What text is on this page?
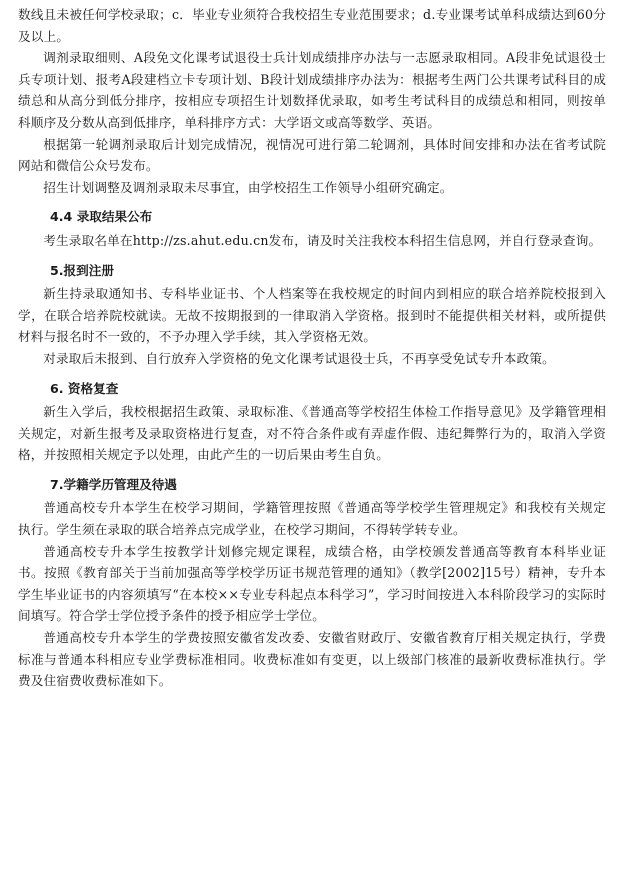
数线且未被任何学校录取；c．毕业专业须符合我校招生专业范围要求；d.专业课考试单科成绩达到60分及以上。

调剂录取细则、A段免文化课考试退役士兵计划成绩排序办法与一志愿录取相同。A段非免试退役士兵专项计划、报考A段建档立卡专项计划、B段计划成绩排序办法为：根据考生两门公共课考试科目的成绩总和从高分到低分排序，按相应专项招生计划数择优录取，如考生考试科目的成绩总和相同，则按单科顺序及分数从高到低排序，单科排序方式：大学语文或高等数学、英语。

根据第一轮调剂录取后计划完成情况，视情况可进行第二轮调剂，具体时间安排和办法在省考试院网站和微信公众号发布。

招生计划调整及调剂录取未尽事宜，由学校招生工作领导小组研究确定。

4.4 录取结果公布

考生录取名单在http://zs.ahut.edu.cn发布，请及时关注我校本科招生信息网，并自行登录查询。

5.报到注册

新生持录取通知书、专科毕业证书、个人档案等在我校规定的时间内到相应的联合培养院校报到入学，在联合培养院校就读。无故不按期报到的一律取消入学资格。报到时不能提供相关材料，或所提供材料与报名时不一致的，不予办理入学手续，其入学资格无效。

对录取后未报到、自行放弃入学资格的免文化课考试退役士兵，不再享受免试专升本政策。

6. 资格复查

新生入学后，我校根据招生政策、录取标准、《普通高等学校招生体检工作指导意见》及学籍管理相关规定，对新生报考及录取资格进行复查，对不符合条件或有弄虚作假、违纪舞弊行为的，取消入学资格，并按照相关规定予以处理，由此产生的一切后果由考生自负。

7.学籍学历管理及待遇

普通高校专升本学生在校学习期间，学籍管理按照《普通高等学校学生管理规定》和我校有关规定执行。学生须在录取的联合培养点完成学业，在校学习期间，不得转学转专业。

普通高校专升本学生按教学计划修完规定课程，成绩合格，由学校颁发普通高等教育本科毕业证书。按照《教育部关于当前加强高等学校学历证书规范管理的通知》（教学[2002]15号）精神，专升本学生毕业证书的内容须填写“在本校××专业专科起点本科学习”，学习时间按进入本科阶段学习的实际时间填写。符合学士学位授予条件的授予相应学士学位。

普通高校专升本学生的学费按照安徽省发改委、安徽省财政厅、安徽省教育厅相关规定执行，学费标准与普通本科相应专业学费标准相同。收费标准如有变更，以上级部门核准的最新收费标准执行。学费及住宿费收费标准如下。
